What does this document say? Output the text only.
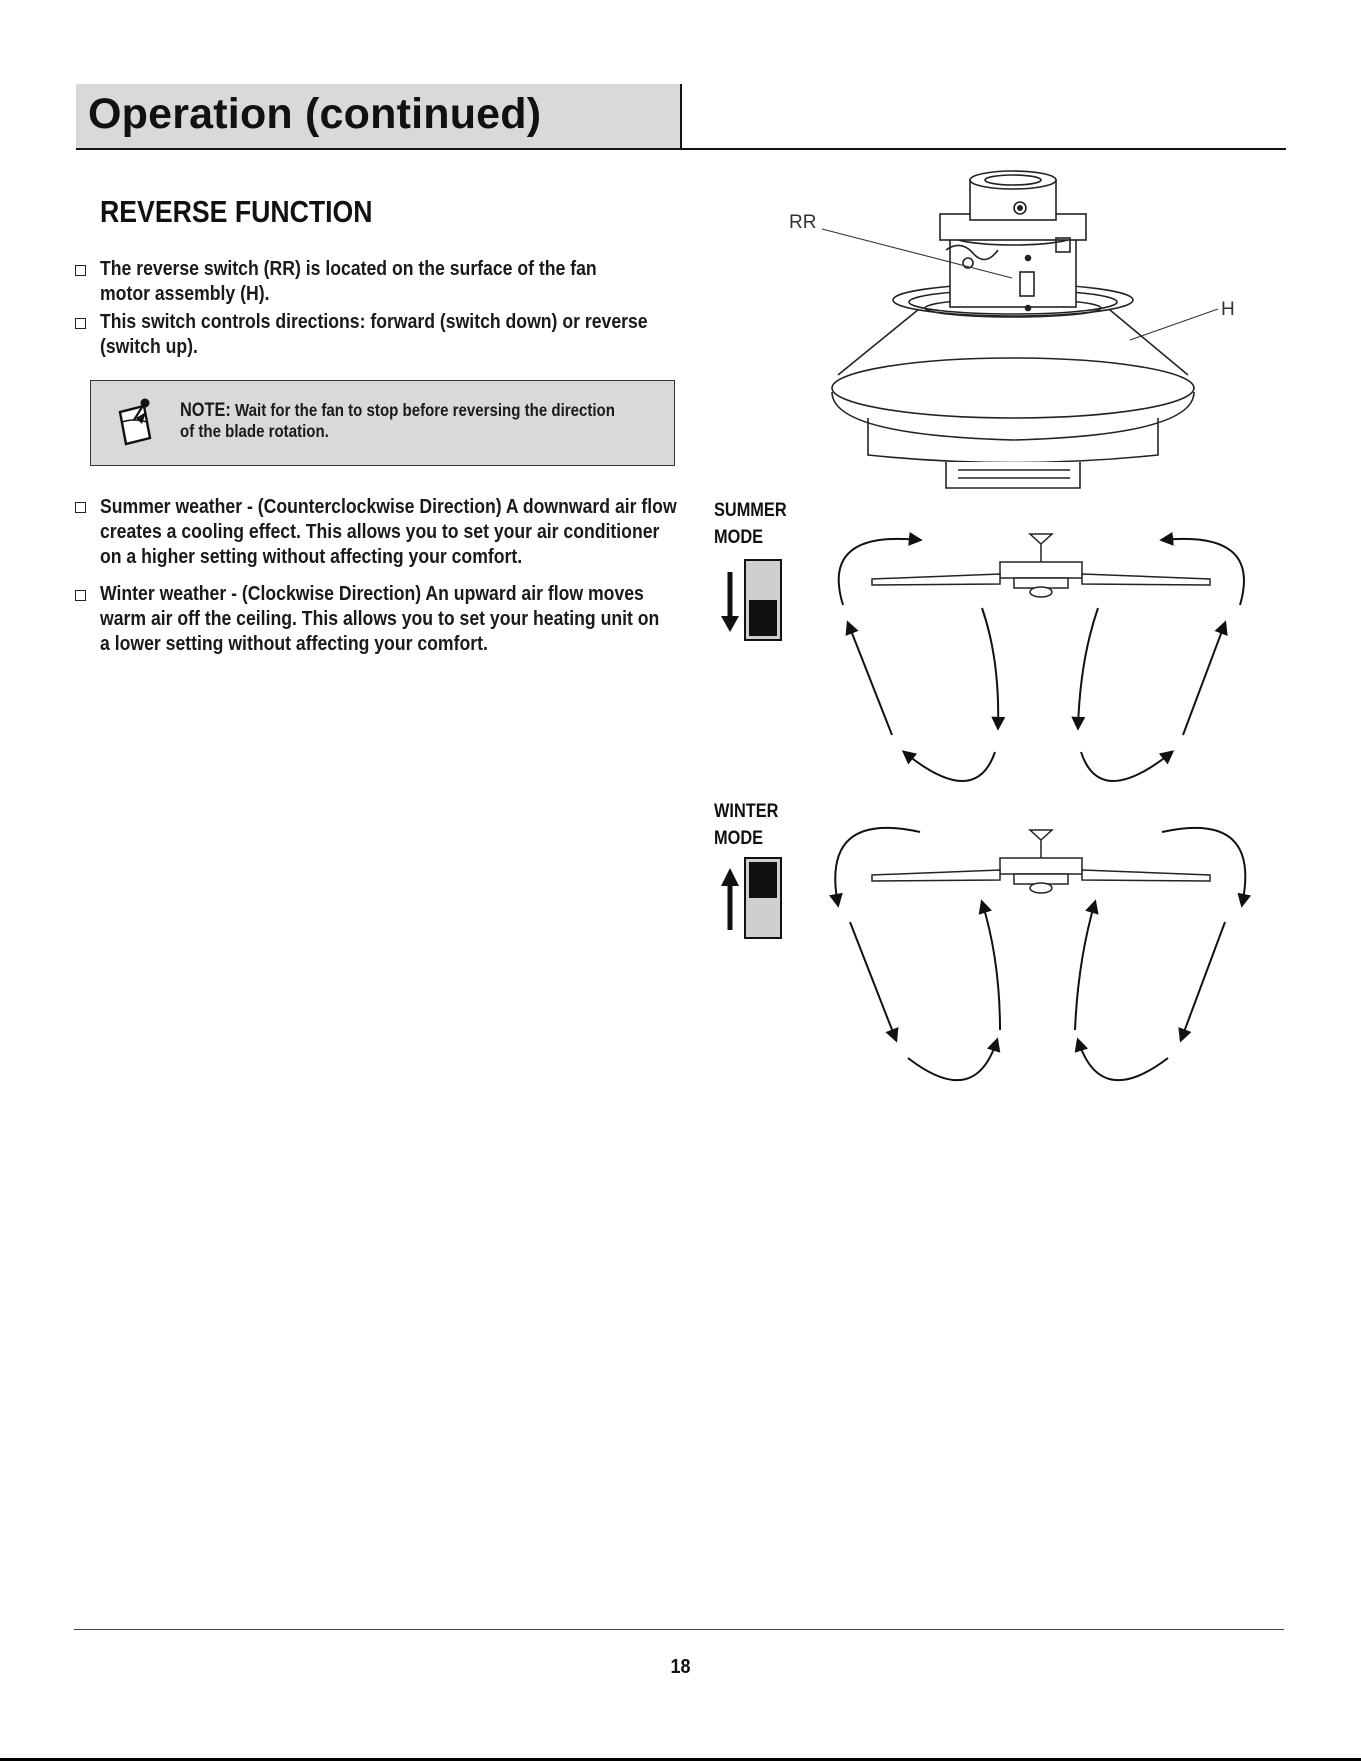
Operation (continued)
REVERSE FUNCTION
The reverse switch (RR) is located on the surface of the fan
motor assembly (H).
This switch controls directions: forward (switch down) or reverse
(switch up).
NOTE: Wait for the fan to stop before reversing the direction
of the blade rotation.
Summer weather - (Counterclockwise Direction) A downward air flow
creates a cooling effect. This allows you to set your air conditioner
on a higher setting without affecting your comfort.
Winter weather - (Clockwise Direction) An upward air flow moves
warm air off the ceiling. This allows you to set your heating unit on
a lower setting without affecting your comfort.
RR
H
SUMMER
MODE
WINTER
MODE
18
